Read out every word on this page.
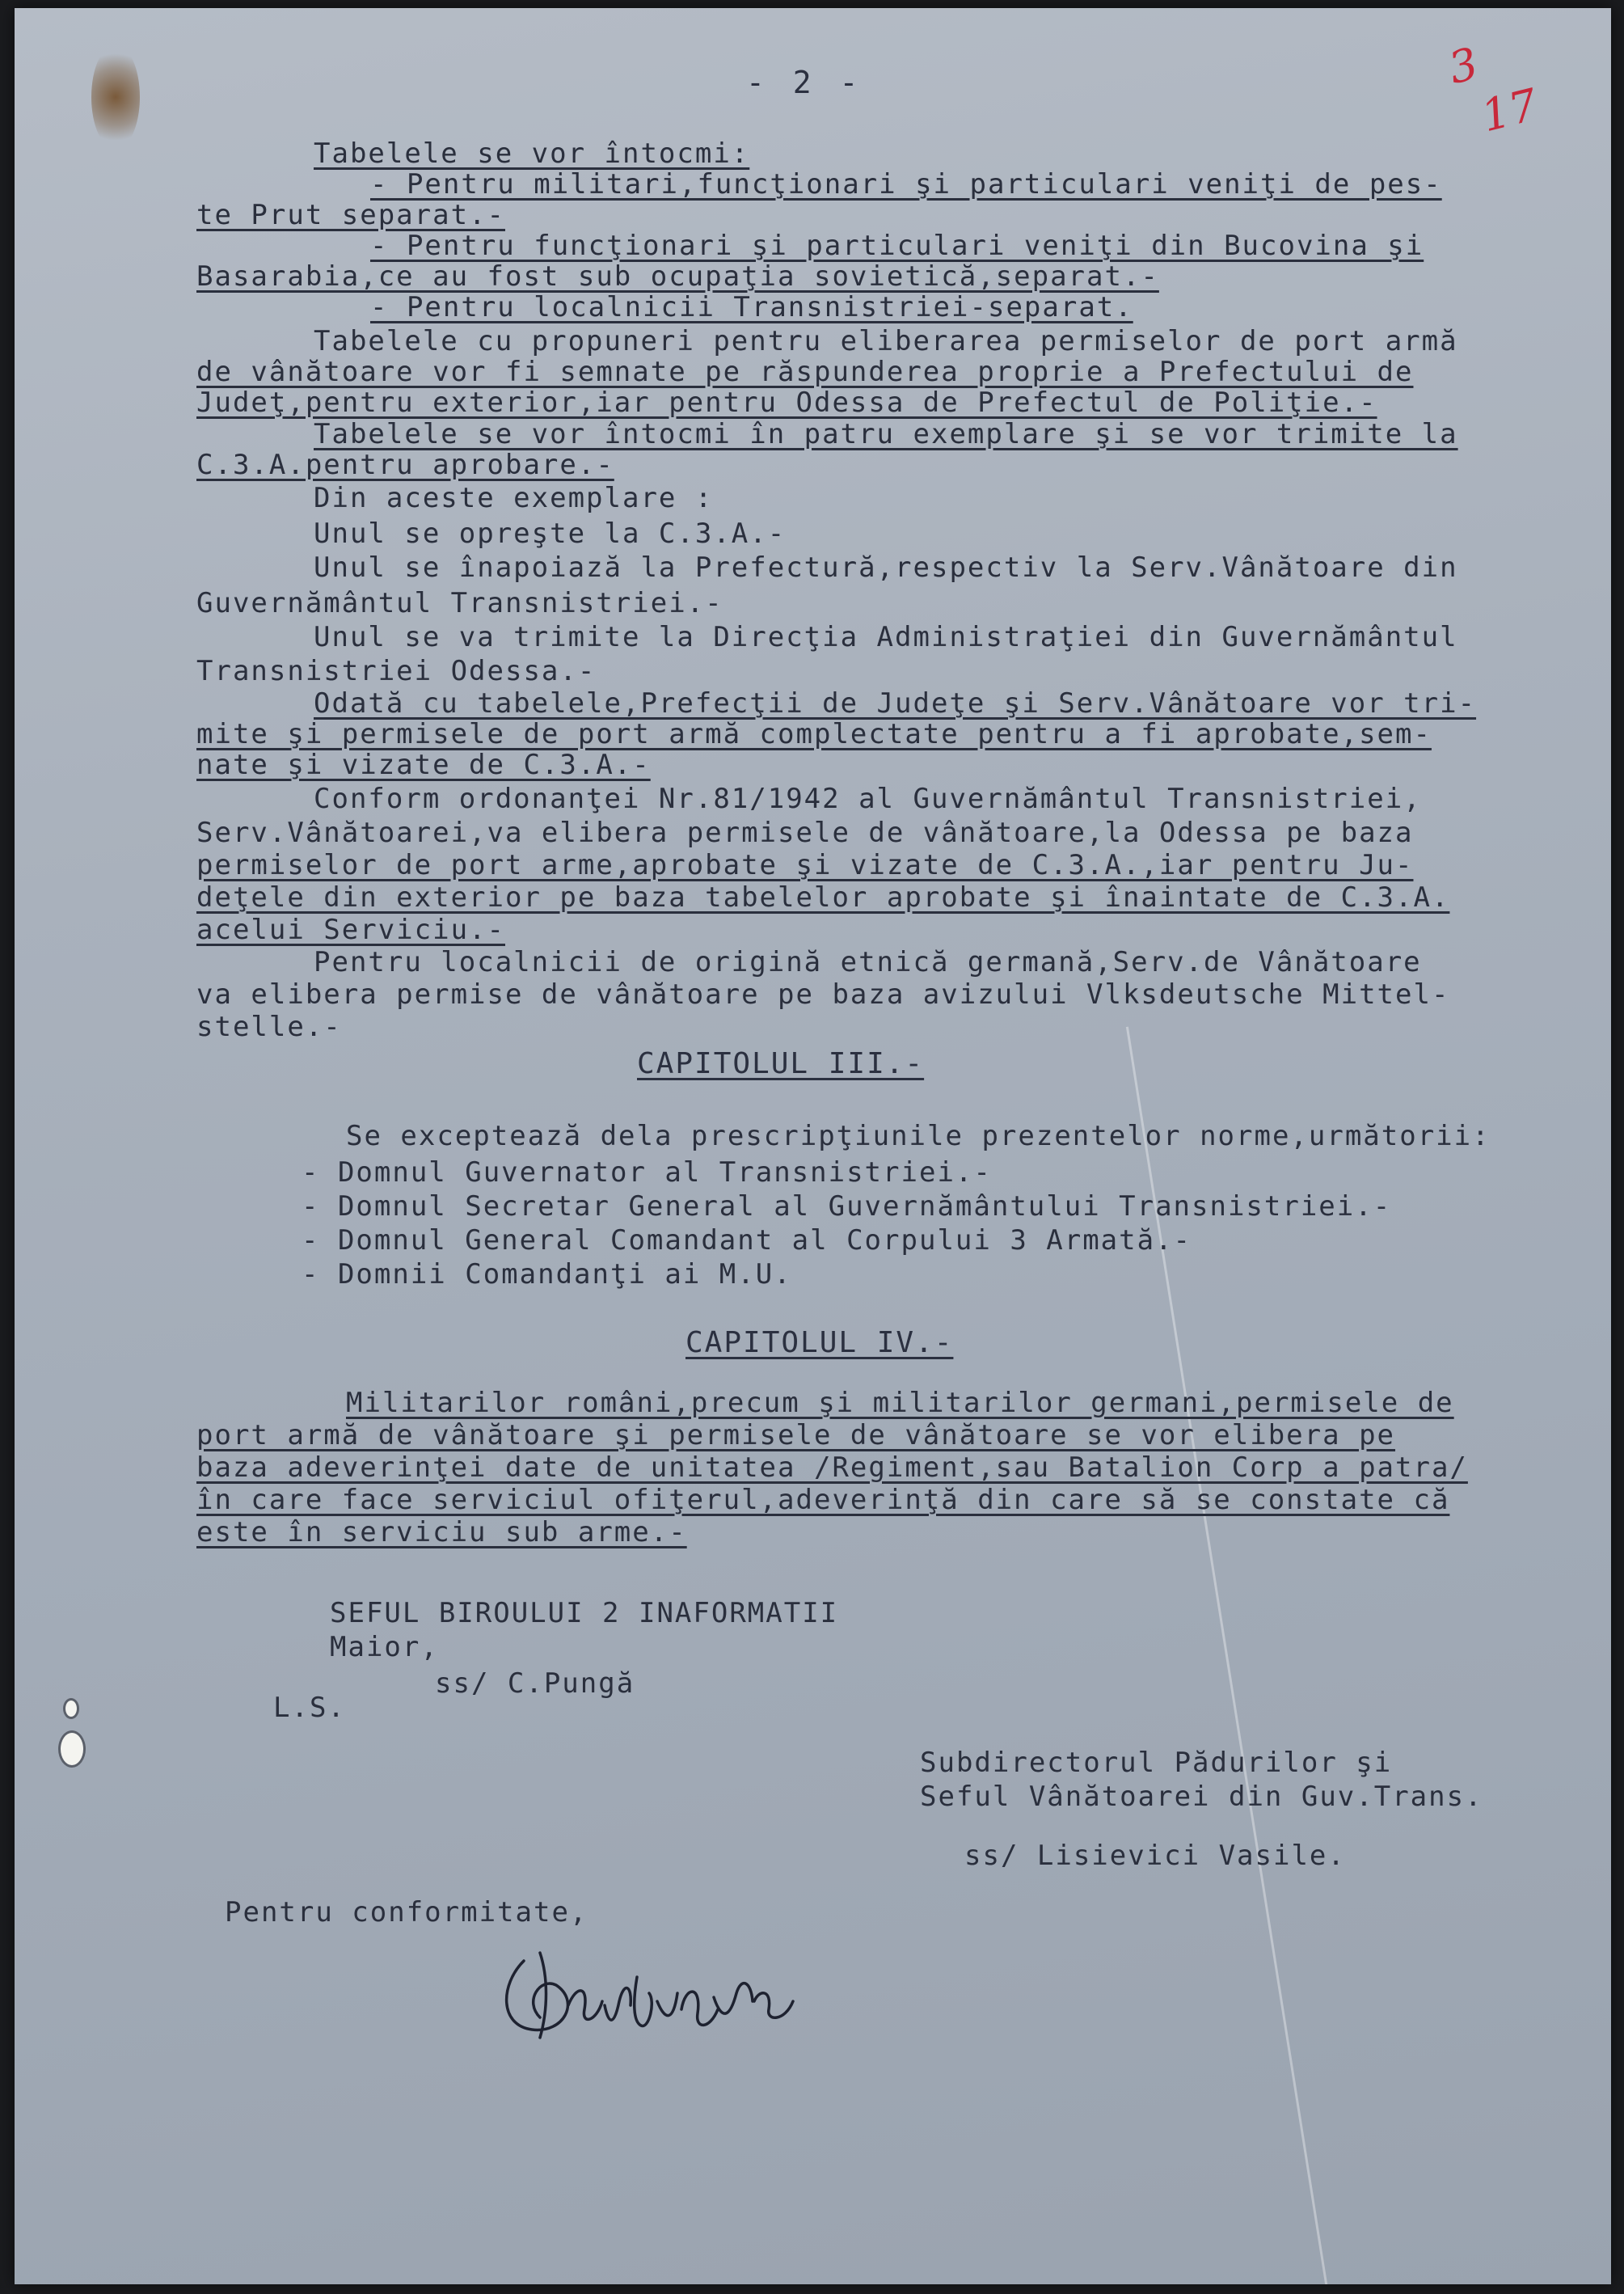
- 2 -	3
17
Tabelele se vor întocmi:
- Pentru militari,funcţionari şi particulari veniţi de pes-
te Prut separat.-
- Pentru funcţionari şi particulari veniţi din Bucovina şi
Basarabia,ce au fost sub ocupaţia sovietică,separat.-
- Pentru localnicii Transnistriei-separat.
Tabelele cu propuneri pentru eliberarea permiselor de port armă
de vânătoare vor fi semnate pe răspunderea proprie a Prefectului de
Judeţ,pentru exterior,iar pentru Odessa de Prefectul de Poliţie.-
Tabelele se vor întocmi în patru exemplare şi se vor trimite la
C.3.A.pentru aprobare.-
Din aceste exemplare :
Unul se opreşte la C.3.A.-
Unul se înapoiază la Prefectură,respectiv la Serv.Vânătoare din
Guvernământul Transnistriei.-
Unul se va trimite la Direcţia Administraţiei din Guvernământul
Transnistriei Odessa.-
Odată cu tabelele,Prefecţii de Judeţe şi Serv.Vânătoare vor tri-
mite şi permisele de port armă complectate pentru a fi aprobate,sem-
nate şi vizate de C.3.A.-
Conform ordonanţei Nr.81/1942 al Guvernământul Transnistriei,
Serv.Vânătoarei,va elibera permisele de vânătoare,la Odessa pe baza
permiselor de port arme,aprobate şi vizate de C.3.A.,iar pentru Ju-
deţele din exterior pe baza tabelelor aprobate şi înaintate de C.3.A.
acelui Serviciu.-
Pentru localnicii de origină etnică germană,Serv.de Vânătoare
va elibera permise de vânătoare pe baza avizului Vlksdeutsche Mittel-
stelle.-
CAPITOLUL III.-
Se exceptează dela prescripţiunile prezentelor norme,următorii:
- Domnul Guvernator al Transnistriei.-
- Domnul Secretar General al Guvernământului Transnistriei.-
- Domnul General Comandant al Corpului 3 Armată.-
- Domnii Comandanţi ai M.U.
CAPITOLUL IV.-
Militarilor români,precum şi militarilor germani,permisele de
port armă de vânătoare şi permisele de vânătoare se vor elibera pe
baza adeverinţei date de unitatea /Regiment,sau Batalion Corp a patra/
în care face serviciul ofiţerul,adeverinţă din care să se constate că
este în serviciu sub arme.-
SEFUL BIROULUI 2 INAFORMATII
Maior,
ss/ C.Pungă
L.S.
Subdirectorul Pădurilor şi
Seful Vânătoarei din Guv.Trans.
ss/ Lisievici Vasile.
Pentru conformitate,
